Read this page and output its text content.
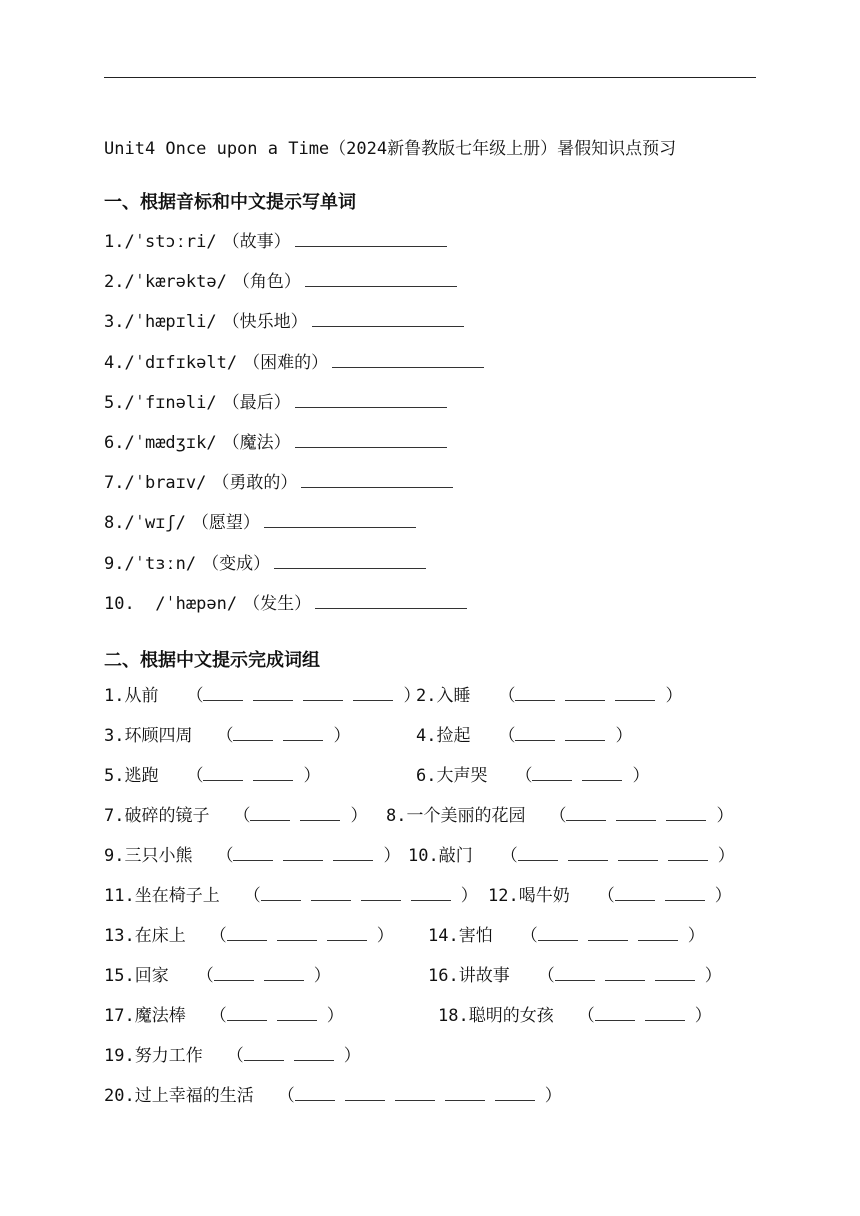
Unit4 Once upon a Time（2024新鲁教版七年级上册）暑假知识点预习
一、根据音标和中文提示写单词
1./ˈstɔːri/ （故事）
2./ˈkærəktə/ （角色）
3./ˈhæpɪli/ （快乐地）
4./ˈdɪfɪkəlt/ （困难的）
5./ˈfɪnəli/ （最后）
6./ˈmædʒɪk/ （魔法）
7./ˈbraɪv/ （勇敢的）
8./ˈwɪʃ/ （愿望）
9./ˈtɜːn/ （变成）
10.  /ˈhæpən/ （发生）
二、根据中文提示完成词组
1.从前 （	）
2.入睡 （	）
3.环顾四周 （	）	4.捡起 （	）
5.逃跑 （	）	6.大声哭 （	）
7.破碎的镜子 （	） 8.一个美丽的花园 （	）
9.三只小熊 （	） 10.敲门 （	）
11.坐在椅子上 （	） 12.喝牛奶 （	）
13.在床上 （	） 14.害怕 （	）
15.回家 （	）	16.讲故事 （	）
17.魔法棒 （	）	18.聪明的女孩 （	）
19.努力工作 （	）
20.过上幸福的生活 （	）
